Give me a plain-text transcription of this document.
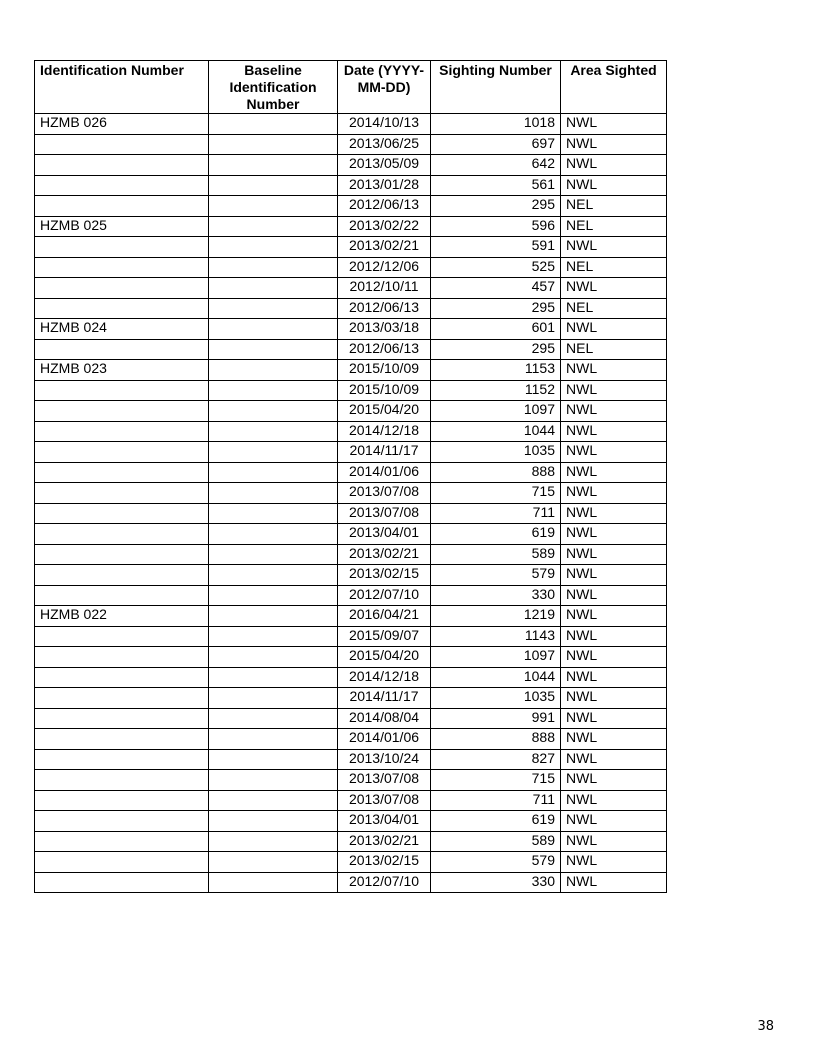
Identification Number	Baseline Identification Number	Date (YYYY-MM-DD)	Sighting Number	Area Sighted
HZMB 026		2014/10/13	1018	NWL
		2013/06/25	697	NWL
		2013/05/09	642	NWL
		2013/01/28	561	NWL
		2012/06/13	295	NEL
HZMB 025		2013/02/22	596	NEL
		2013/02/21	591	NWL
		2012/12/06	525	NEL
		2012/10/11	457	NWL
		2012/06/13	295	NEL
HZMB 024		2013/03/18	601	NWL
		2012/06/13	295	NEL
HZMB 023		2015/10/09	1153	NWL
		2015/10/09	1152	NWL
		2015/04/20	1097	NWL
		2014/12/18	1044	NWL
		2014/11/17	1035	NWL
		2014/01/06	888	NWL
		2013/07/08	715	NWL
		2013/07/08	711	NWL
		2013/04/01	619	NWL
		2013/02/21	589	NWL
		2013/02/15	579	NWL
		2012/07/10	330	NWL
HZMB 022		2016/04/21	1219	NWL
		2015/09/07	1143	NWL
		2015/04/20	1097	NWL
		2014/12/18	1044	NWL
		2014/11/17	1035	NWL
		2014/08/04	991	NWL
		2014/01/06	888	NWL
		2013/10/24	827	NWL
		2013/07/08	715	NWL
		2013/07/08	711	NWL
		2013/04/01	619	NWL
		2013/02/21	589	NWL
		2013/02/15	579	NWL
		2012/07/10	330	NWL
38
